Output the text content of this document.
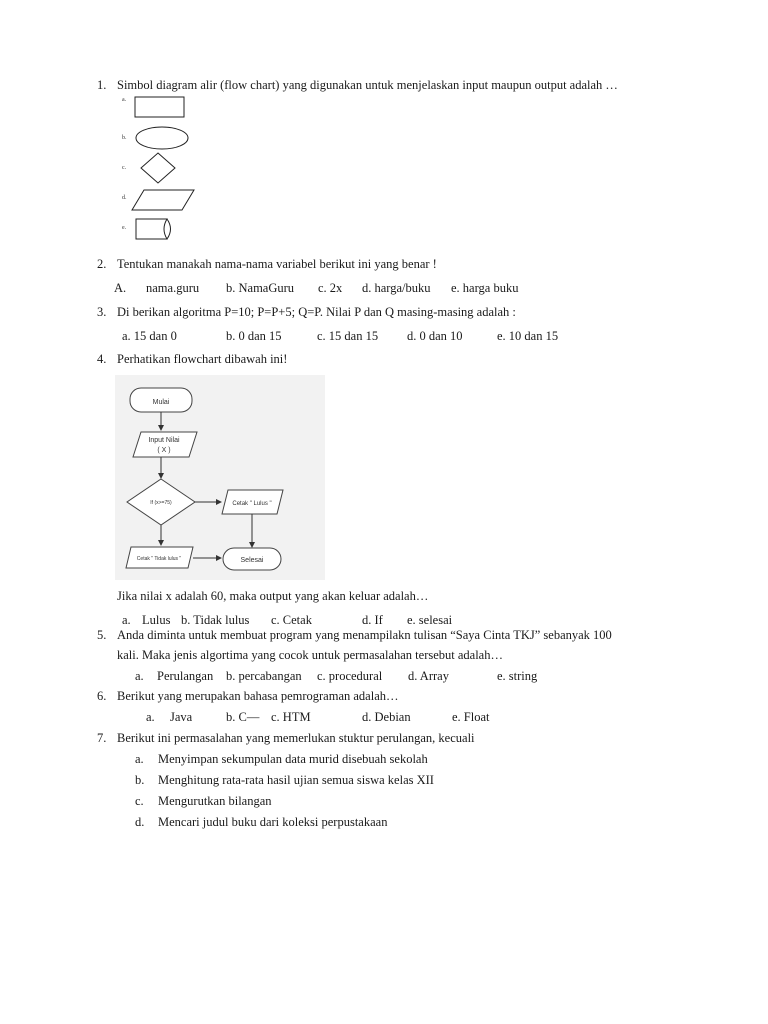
1. Simbol diagram alir (flow chart) yang digunakan untuk menjelaskan input maupun output adalah …
a.
b.
c.
d.
e.
2. Tentukan manakah nama-nama variabel berikut ini yang benar !
A. nama.guru b. NamaGuru c. 2x d. harga/buku e. harga buku
3. Di berikan algoritma P=10; P=P+5; Q=P. Nilai P dan Q masing-masing adalah :
a. 15 dan 0	b. 0 dan 15	c. 15 dan 15 d. 0 dan 10	e. 10 dan 15
4. Perhatikan flowchart dibawah ini!
Mulai
Input Nilai
( X )
If (x>=75)	Cetak " Lulus "
Cetak " Tidak lulus "	Selesai
Jika nilai x adalah 60, maka output yang akan keluar adalah…
a. Lulus b. Tidak lulus c. Cetak	d. If e. selesai
5. Anda diminta untuk membuat program yang menampilakn tulisan “Saya Cinta TKJ” sebanyak 100
kali. Maka jenis algortima yang cocok untuk permasalahan tersebut adalah…
a. Perulangan b. percabangan c. procedural d. Array	e. string
6. Berikut yang merupakan bahasa pemrograman adalah…
a. Java	b. C— c. HTM	d. Debian	e. Float
7. Berikut ini permasalahan yang memerlukan stuktur perulangan, kecuali
a. Menyimpan sekumpulan data murid disebuah sekolah
b. Menghitung rata-rata hasil ujian semua siswa kelas XII
c. Mengurutkan bilangan
d. Mencari judul buku dari koleksi perpustakaan
